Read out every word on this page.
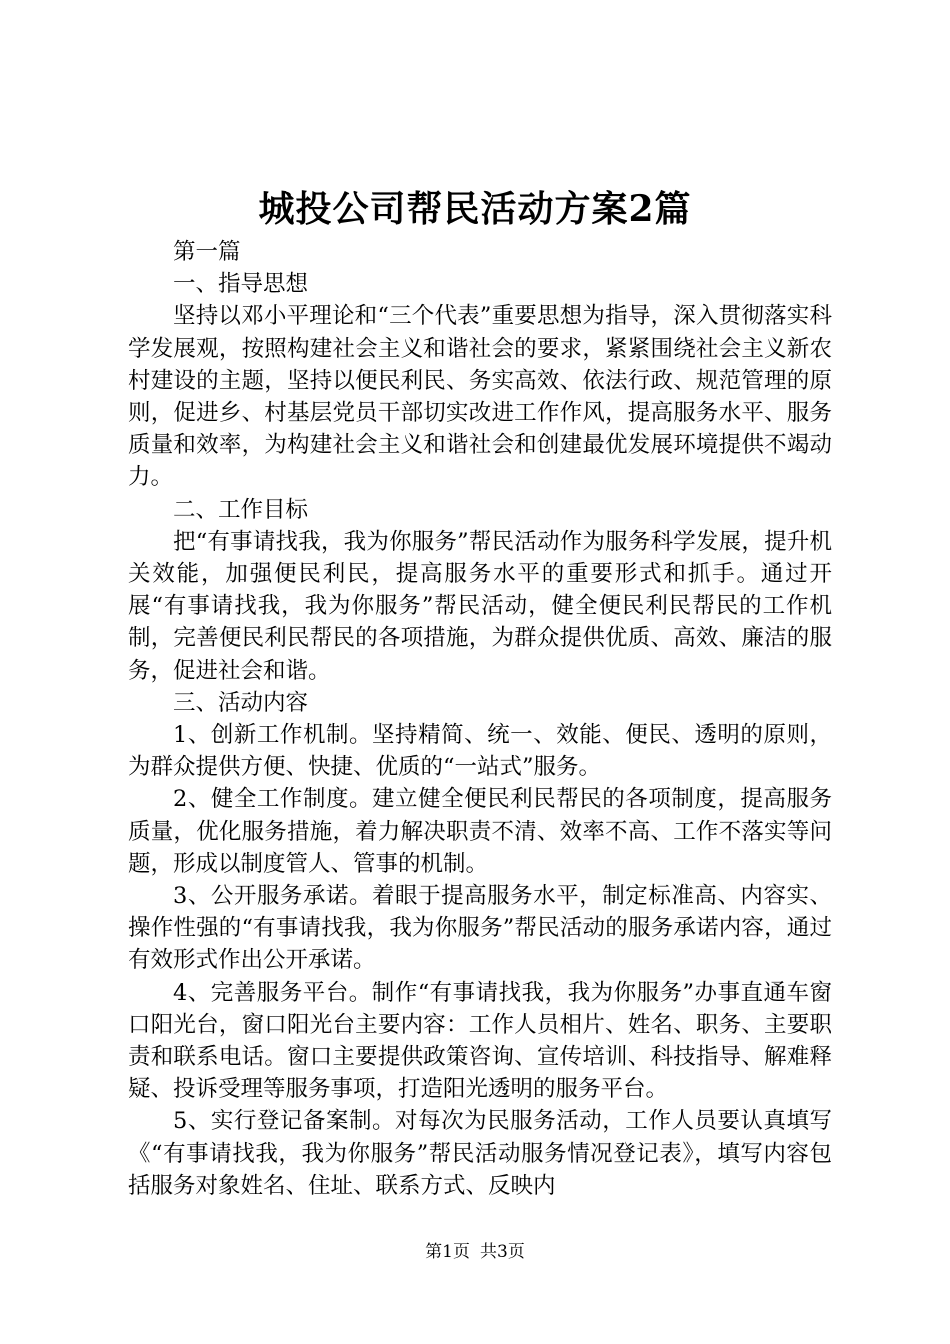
城投公司帮民活动方案2篇

第一篇

一、指导思想

坚持以邓小平理论和“三个代表”重要思想为指导，深入贯彻落实科学发展观，按照构建社会主义和谐社会的要求，紧紧围绕社会主义新农村建设的主题，坚持以便民利民、务实高效、依法行政、规范管理的原则，促进乡、村基层党员干部切实改进工作作风，提高服务水平、服务质量和效率，为构建社会主义和谐社会和创建最优发展环境提供不竭动力。

二、工作目标

把“有事请找我，我为你服务”帮民活动作为服务科学发展，提升机关效能，加强便民利民，提高服务水平的重要形式和抓手。通过开展“有事请找我，我为你服务”帮民活动，健全便民利民帮民的工作机制，完善便民利民帮民的各项措施，为群众提供优质、高效、廉洁的服务，促进社会和谐。

三、活动内容

1、创新工作机制。坚持精简、统一、效能、便民、透明的原则，为群众提供方便、快捷、优质的“一站式”服务。

2、健全工作制度。建立健全便民利民帮民的各项制度，提高服务质量，优化服务措施，着力解决职责不清、效率不高、工作不落实等问题，形成以制度管人、管事的机制。

3、公开服务承诺。着眼于提高服务水平，制定标准高、内容实、操作性强的“有事请找我，我为你服务”帮民活动的服务承诺内容，通过有效形式作出公开承诺。

4、完善服务平台。制作“有事请找我，我为你服务”办事直通车窗口阳光台，窗口阳光台主要内容：工作人员相片、姓名、职务、主要职责和联系电话。窗口主要提供政策咨询、宣传培训、科技指导、解难释疑、投诉受理等服务事项，打造阳光透明的服务平台。

5、实行登记备案制。对每次为民服务活动，工作人员要认真填写《“有事请找我，我为你服务”帮民活动服务情况登记表》，填写内容包括服务对象姓名、住址、联系方式、反映内

第1页 共3页
